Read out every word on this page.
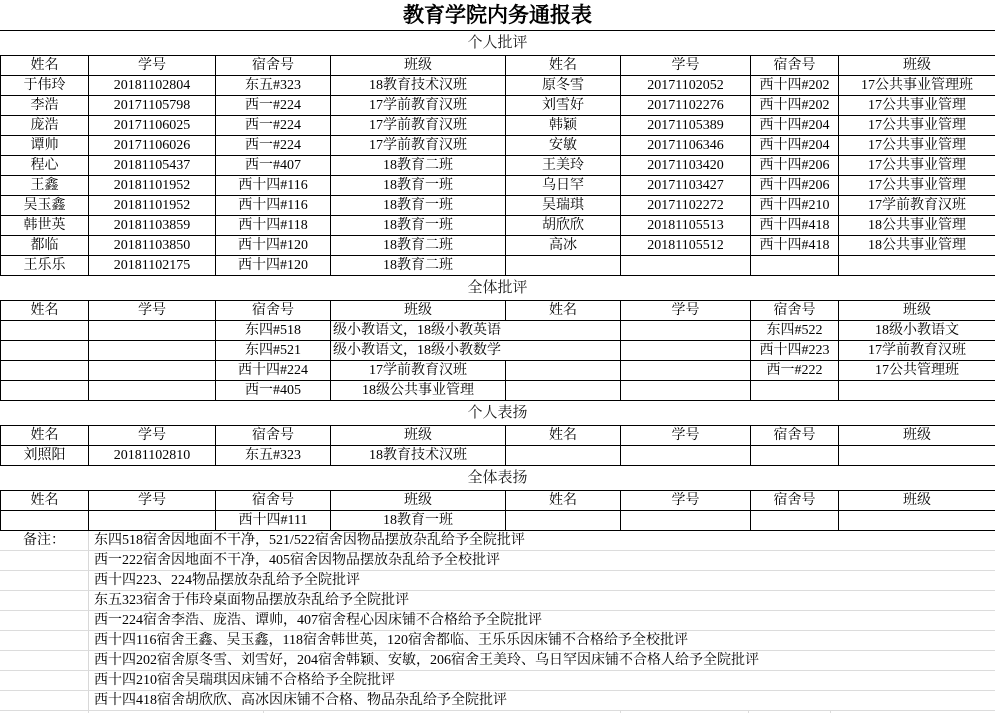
教育学院内务通报表
个人批评
姓名	学号	宿舍号	班级	姓名	学号	宿舍号	班级
于伟玲	20181102804	东五#323	18教育技术汉班	原冬雪	20171102052	西十四#202	17公共事业管理班
李浩	20171105798	西一#224	17学前教育汉班	刘雪好	20171102276	西十四#202	17公共事业管理
庞浩	20171106025	西一#224	17学前教育汉班	韩颖	20171105389	西十四#204	17公共事业管理
谭帅	20171106026	西一#224	17学前教育汉班	安敏	20171106346	西十四#204	17公共事业管理
程心	20181105437	西一#407	18教育二班	王美玲	20171103420	西十四#206	17公共事业管理
王鑫	20181101952	西十四#116	18教育一班	乌日罕	20171103427	西十四#206	17公共事业管理
吴玉鑫	20181101952	西十四#116	18教育一班	吴瑞琪	20171102272	西十四#210	17学前教育汉班
韩世英	20181103859	西十四#118	18教育一班	胡欣欣	20181105513	西十四#418	18公共事业管理
都临	20181103850	西十四#120	18教育二班	高冰	20181105512	西十四#418	18公共事业管理
王乐乐	20181102175	西十四#120	18教育二班				
全体批评
姓名	学号	宿舍号	班级	姓名	学号	宿舍号	班级
		东四#518	级小教语文，18级小教英语			东四#522	18级小教语文
		东四#521	级小教语文，18级小教数学			西十四#223	17学前教育汉班
		西十四#224	17学前教育汉班			西一#222	17公共管理班
		西一#405	18级公共事业管理				
个人表扬
姓名	学号	宿舍号	班级	姓名	学号	宿舍号	班级
刘照阳	20181102810	东五#323	18教育技术汉班				
全体表扬
姓名	学号	宿舍号	班级	姓名	学号	宿舍号	班级
		西十四#111	18教育一班				
备注：	东四518宿舍因地面不干净，521/522宿舍因物品摆放杂乱给予全院批评
西一222宿舍因地面不干净，405宿舍因物品摆放杂乱给予全校批评
西十四223、224物品摆放杂乱给予全院批评
东五323宿舍于伟玲桌面物品摆放杂乱给予全院批评
西一224宿舍李浩、庞浩、谭帅，407宿舍程心因床铺不合格给予全院批评
西十四116宿舍王鑫、吴玉鑫，118宿舍韩世英，120宿舍都临、王乐乐因床铺不合格给予全校批评
西十四202宿舍原冬雪、刘雪好，204宿舍韩颖、安敏，206宿舍王美玲、乌日罕因床铺不合格人给予全院批评
西十四210宿舍吴瑞琪因床铺不合格给予全院批评
西十四418宿舍胡欣欣、高冰因床铺不合格、物品杂乱给予全院批评
